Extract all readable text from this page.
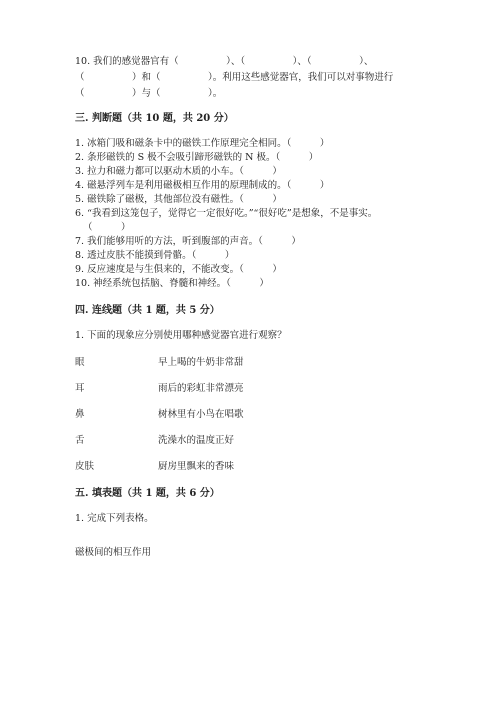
10. 我们的感觉器官有（　　　　　）、（　　　　　）、（　　　　　）、
（　　　　　）和（　　　　　）。利用这些感觉器官，我们可以对事物进行
（　　　　　）与（　　　　　）。
三. 判断题（共 10 题，共 20 分）
1. 冰箱门吸和磁条卡中的磁铁工作原理完全相同。（　　　）
2. 条形磁铁的 S 极不会吸引蹄形磁铁的 N 极。（　　　）
3. 拉力和磁力都可以驱动木质的小车。（　　　）
4. 磁悬浮列车是利用磁极相互作用的原理制成的。（　　　）
5. 磁铁除了磁极，其他部位没有磁性。（　　　）
6. “我看到这笼包子，觉得它一定很好吃。”“很好吃”是想象，不是事实。
（　　　）
7. 我们能够用听的方法，听到腹部的声音。（　　　）
8. 透过皮肤不能摸到骨骼。（　　　）
9. 反应速度是与生俱来的，不能改变。（　　　）
10. 神经系统包括脑、脊髓和神经。（　　　）
四. 连线题（共 1 题，共 5 分）
1. 下面的现象应分别使用哪种感觉器官进行观察？
眼	早上喝的牛奶非常甜
耳	雨后的彩虹非常漂亮
鼻	树林里有小鸟在唱歌
舌	洗澡水的温度正好
皮肤	厨房里飘来的香味
五. 填表题（共 1 题，共 6 分）
1. 完成下列表格。
磁极间的相互作用
